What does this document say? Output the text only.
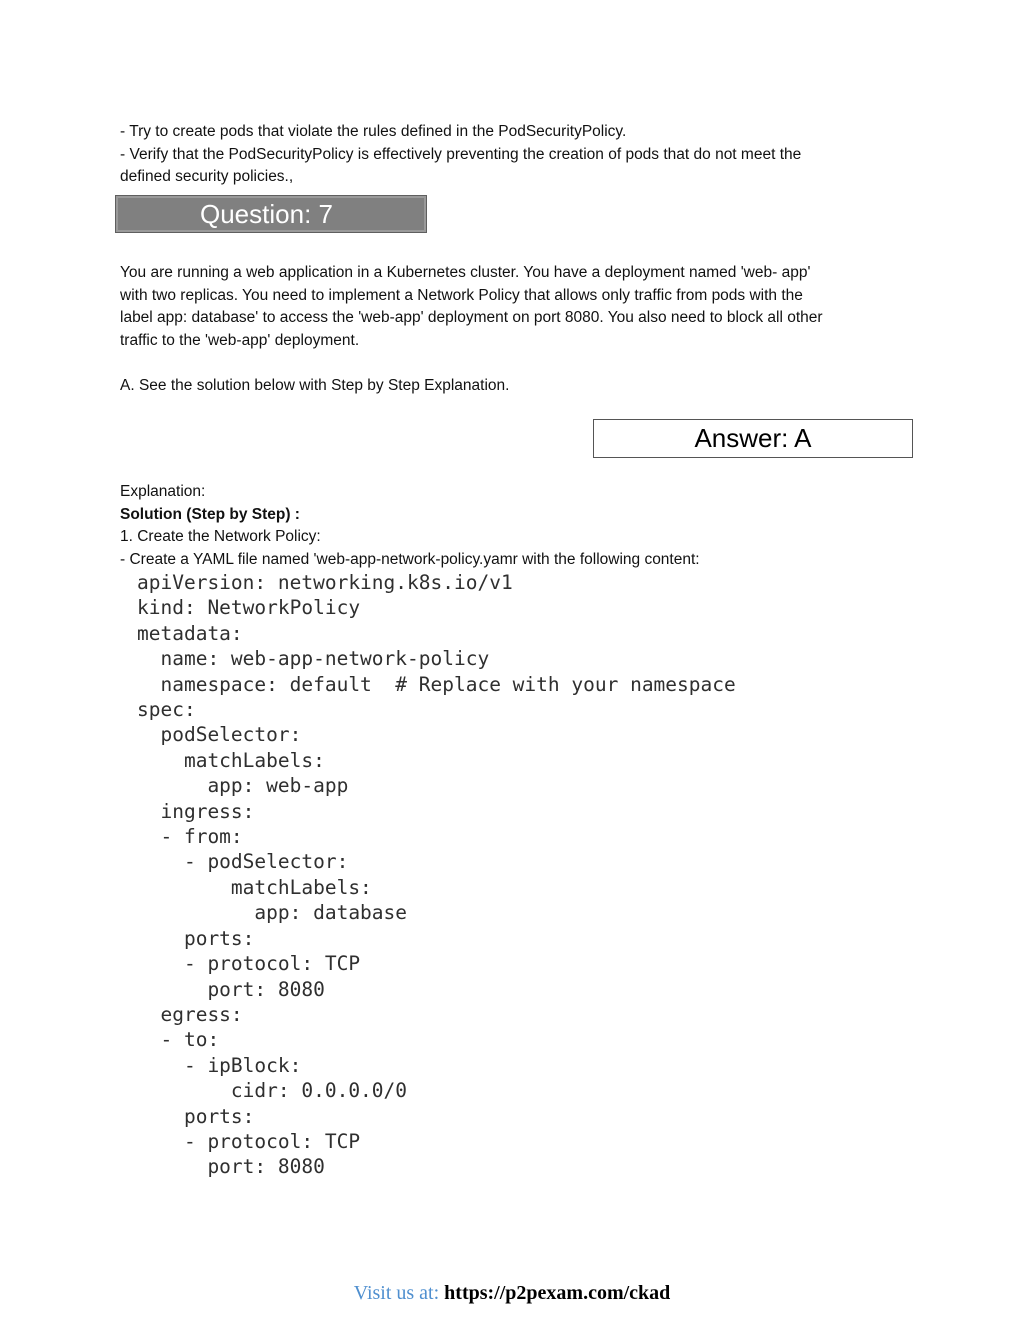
- Try to create pods that violate the rules defined in the PodSecurityPolicy.
- Verify that the PodSecurityPolicy is effectively preventing the creation of pods that do not meet the
defined security policies.,
Question: 7
You are running a web application in a Kubernetes cluster. You have a deployment named 'web- app'
with two replicas. You need to implement a Network Policy that allows only traffic from pods with the
label app: database' to access the 'web-app' deployment on port 8080. You also need to block all other
traffic to the 'web-app' deployment.
A. See the solution below with Step by Step Explanation.
Answer: A
Explanation:
Solution (Step by Step) :
1. Create the Network Policy:
- Create a YAML file named 'web-app-network-policy.yamr with the following content:
apiVersion: networking.k8s.io/v1
kind: NetworkPolicy
metadata:
name: web-app-network-policy
namespace: default  # Replace with your namespace
spec:
podSelector:
matchLabels:
app: web-app
ingress:
- from:
- podSelector:
matchLabels:
app: database
ports:
- protocol: TCP
port: 8080
egress:
- to:
- ipBlock:
cidr: 0.0.0.0/0
ports:
- protocol: TCP
port: 8080
Visit us at: https://p2pexam.com/ckad
